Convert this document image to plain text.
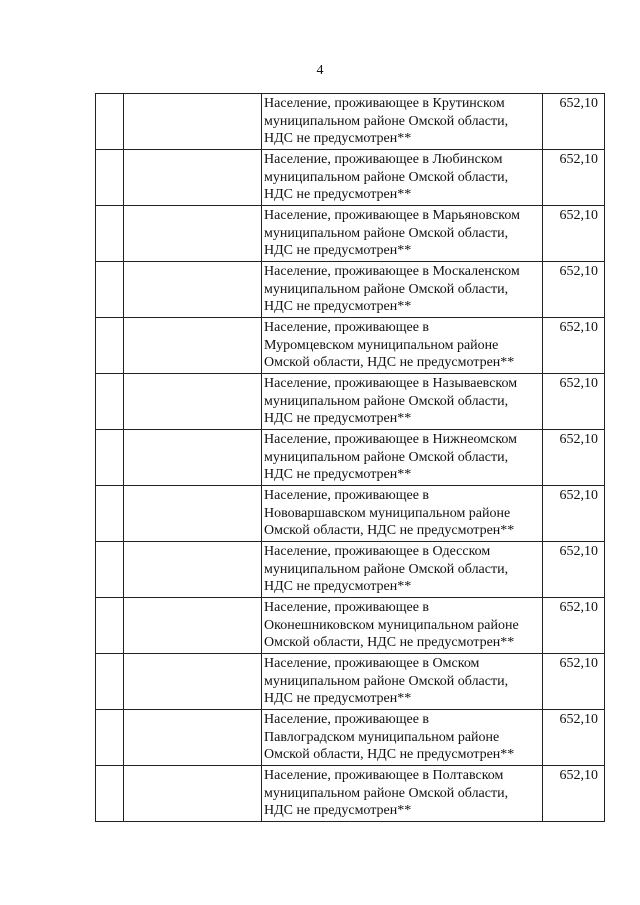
4

		Население, проживающее в Крутинском
муниципальном районе Омской области,
НДС не предусмотрен**	652,10

		Население, проживающее в Любинском
муниципальном районе Омской области,
НДС не предусмотрен**	652,10

		Население, проживающее в Марьяновском
муниципальном районе Омской области,
НДС не предусмотрен**	652,10

		Население, проживающее в Москаленском
муниципальном районе Омской области,
НДС не предусмотрен**	652,10

		Население, проживающее в
Муромцевском муниципальном районе
Омской области, НДС не предусмотрен**	652,10

		Население, проживающее в Называевском
муниципальном районе Омской области,
НДС не предусмотрен**	652,10

		Население, проживающее в Нижнеомском
муниципальном районе Омской области,
НДС не предусмотрен**	652,10

		Население, проживающее в
Нововаршавском муниципальном районе
Омской области, НДС не предусмотрен**	652,10

		Население, проживающее в Одесском
муниципальном районе Омской области,
НДС не предусмотрен**	652,10

		Население, проживающее в
Оконешниковском муниципальном районе
Омской области, НДС не предусмотрен**	652,10

		Население, проживающее в Омском
муниципальном районе Омской области,
НДС не предусмотрен**	652,10

		Население, проживающее в
Павлоградском муниципальном районе
Омской области, НДС не предусмотрен**	652,10

		Население, проживающее в Полтавском
муниципальном районе Омской области,
НДС не предусмотрен**	652,10
